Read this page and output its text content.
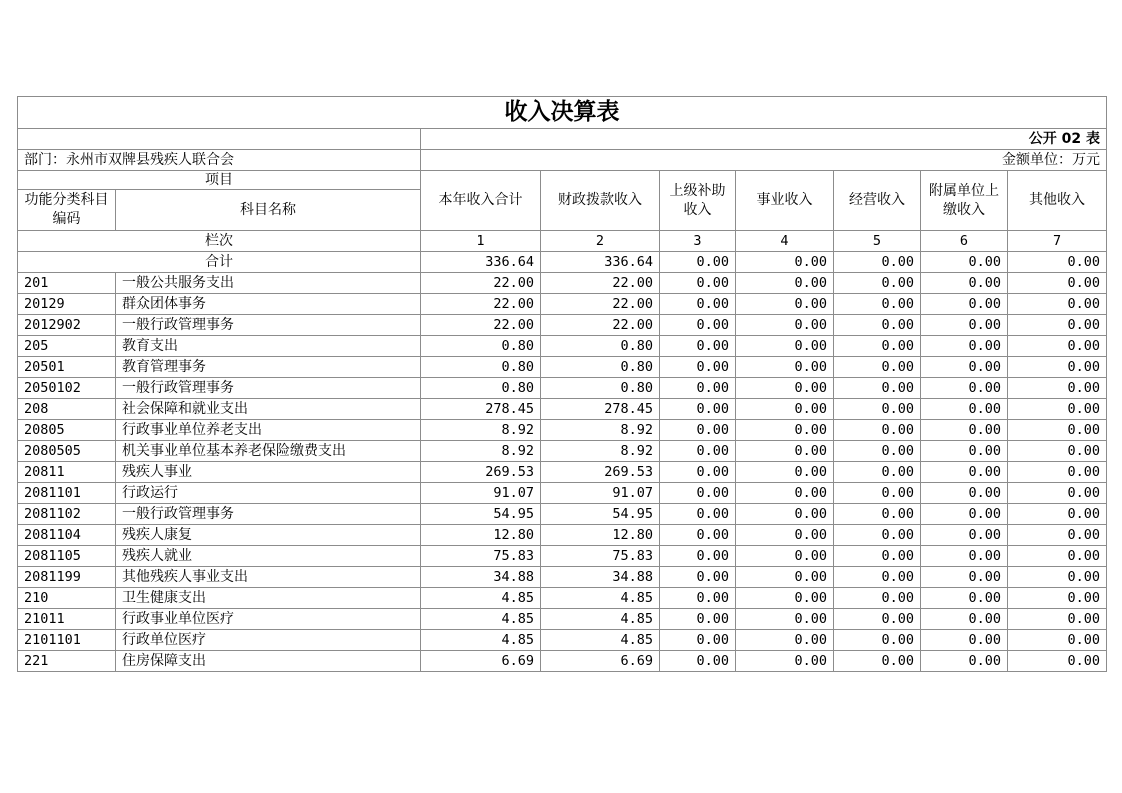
收入决算表								
		公开 02 表						
部门：永州市双牌县残疾人联合会		金额单位：万元						
项目		本年收入合计	财政拨款收入	上级补助收入	事业收入	经营收入	附属单位上缴收入	其他收入
功能分类科目编码	科目名称							
栏次		1	2	3	4	5	6	7
合计		336.64	336.64	0.00	0.00	0.00	0.00	0.00
201	一般公共服务支出	22.00	22.00	0.00	0.00	0.00	0.00	0.00
20129	群众团体事务	22.00	22.00	0.00	0.00	0.00	0.00	0.00
2012902	一般行政管理事务	22.00	22.00	0.00	0.00	0.00	0.00	0.00
205	教育支出	0.80	0.80	0.00	0.00	0.00	0.00	0.00
20501	教育管理事务	0.80	0.80	0.00	0.00	0.00	0.00	0.00
2050102	一般行政管理事务	0.80	0.80	0.00	0.00	0.00	0.00	0.00
208	社会保障和就业支出	278.45	278.45	0.00	0.00	0.00	0.00	0.00
20805	行政事业单位养老支出	8.92	8.92	0.00	0.00	0.00	0.00	0.00
2080505	机关事业单位基本养老保险缴费支出	8.92	8.92	0.00	0.00	0.00	0.00	0.00
20811	残疾人事业	269.53	269.53	0.00	0.00	0.00	0.00	0.00
2081101	行政运行	91.07	91.07	0.00	0.00	0.00	0.00	0.00
2081102	一般行政管理事务	54.95	54.95	0.00	0.00	0.00	0.00	0.00
2081104	残疾人康复	12.80	12.80	0.00	0.00	0.00	0.00	0.00
2081105	残疾人就业	75.83	75.83	0.00	0.00	0.00	0.00	0.00
2081199	其他残疾人事业支出	34.88	34.88	0.00	0.00	0.00	0.00	0.00
210	卫生健康支出	4.85	4.85	0.00	0.00	0.00	0.00	0.00
21011	行政事业单位医疗	4.85	4.85	0.00	0.00	0.00	0.00	0.00
2101101	行政单位医疗	4.85	4.85	0.00	0.00	0.00	0.00	0.00
221	住房保障支出	6.69	6.69	0.00	0.00	0.00	0.00	0.00
